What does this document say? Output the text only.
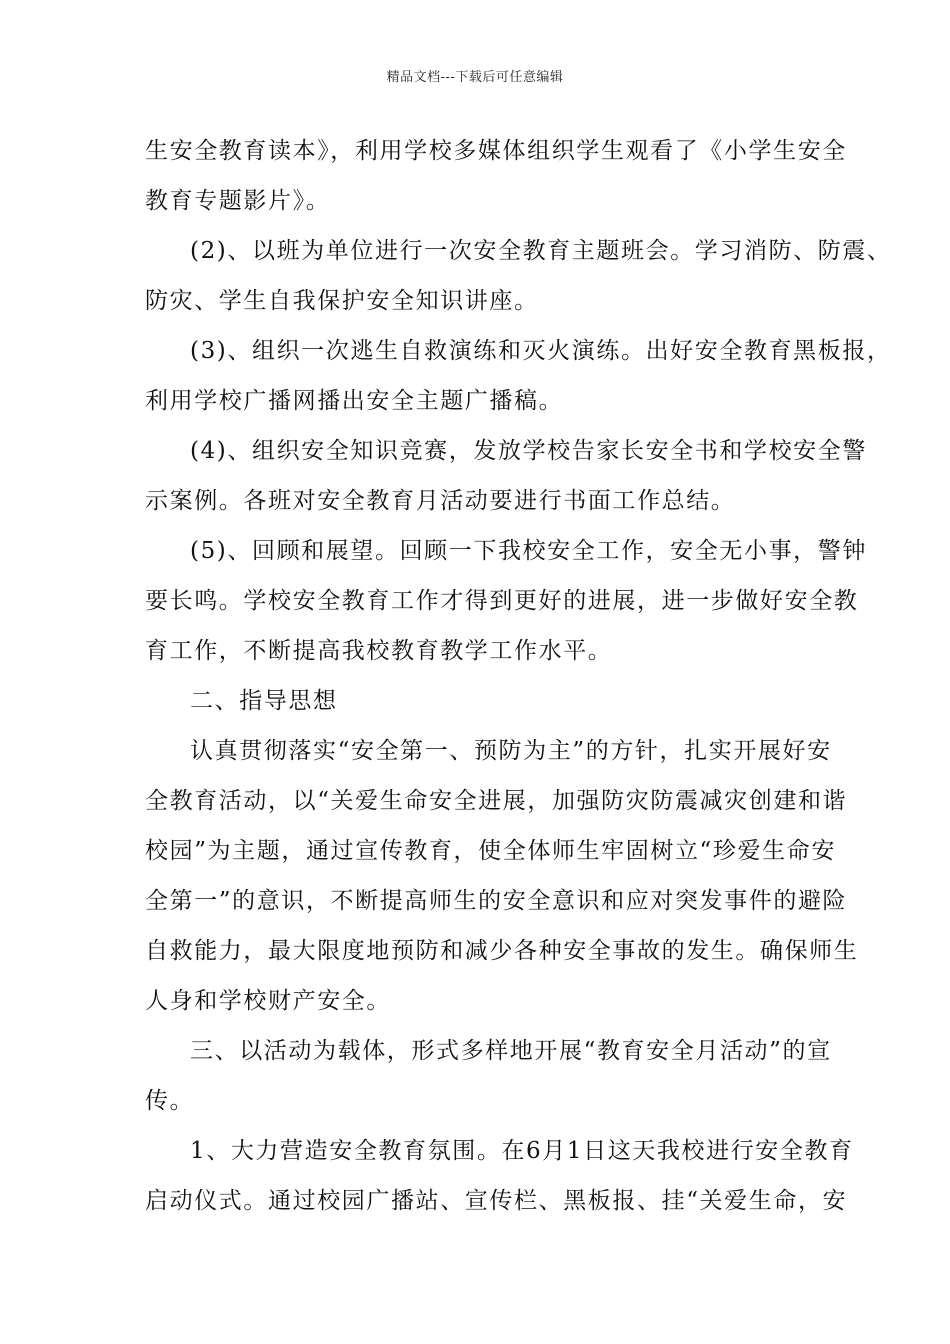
精品文档---下载后可任意编辑
生安全教育读本》，利用学校多媒体组织学生观看了《小学生安全
教育专题影片》。
(2)、以班为单位进行一次安全教育主题班会。学习消防、防震、
防灾、学生自我保护安全知识讲座。
(3)、组织一次逃生自救演练和灭火演练。出好安全教育黑板报，
利用学校广播网播出安全主题广播稿。
(4)、组织安全知识竞赛，发放学校告家长安全书和学校安全警
示案例。各班对安全教育月活动要进行书面工作总结。
(5)、回顾和展望。回顾一下我校安全工作，安全无小事，警钟
要长鸣。学校安全教育工作才得到更好的进展，进一步做好安全教
育工作，不断提高我校教育教学工作水平。
二、指导思想
认真贯彻落实“安全第一、预防为主”的方针，扎实开展好安
全教育活动，以“关爱生命安全进展，加强防灾防震减灾创建和谐
校园”为主题，通过宣传教育，使全体师生牢固树立“珍爱生命安
全第一”的意识，不断提高师生的安全意识和应对突发事件的避险
自救能力，最大限度地预防和减少各种安全事故的发生。确保师生
人身和学校财产安全。
三、以活动为载体，形式多样地开展“教育安全月活动”的宣
传。
1、大力营造安全教育氛围。在6月1日这天我校进行安全教育
启动仪式。通过校园广播站、宣传栏、黑板报、挂“关爱生命，安
